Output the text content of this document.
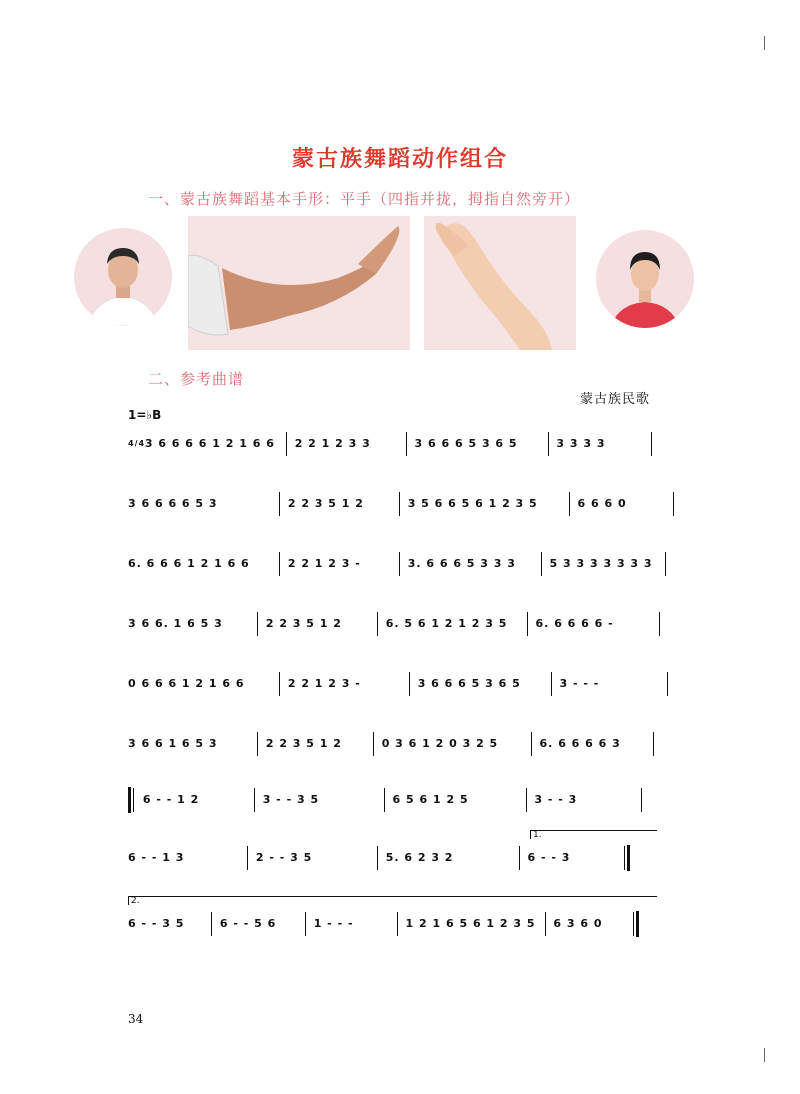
蒙古族舞蹈动作组合
一、蒙古族舞蹈基本手形：平手（四指并拢，拇指自然旁开）
二、参考曲谱
蒙古族民歌
1=♭B
4/4 3 6 6 6 6 1 2 1 6 6 2 2 1 2 3 3	3 6 6 6 5 3 6 5	3 3 3 3
3 6 6 6 6 5 3	2 2 3 5 1 2	3 5 6 6 5 6 1 2 3 5	6 6 6 0
6. 6 6 6 1 2 1 6 6	2 2 1 2 3 -	3. 6 6 6 5 3 3 3	5 3 3 3 3 3 3 3
3 6 6. 1 6 5 3	2 2 3 5 1 2	6. 5 6 1 2 1 2 3 5	6. 6 6 6 6 -
0 6 6 6 1 2 1 6 6	2 2 1 2 3 -	3 6 6 6 5 3 6 5	3 - - -
3 6 6 1 6 5 3	2 2 3 5 1 2	0 3 6 1 2 0 3 2 5	6. 6 6 6 6 3
6 - - 1 2	3 - - 3 5	6 5 6 1 2 5	3 - - 3
1.
6 - - 1 3	2 - - 3 5	5. 6 2 3 2	6 - - 3
2.
6 - - 3 5	6 - - 5 6	1 - - -	1 2 1 6 5 6 1 2 3 5 6 3 6 0
34
